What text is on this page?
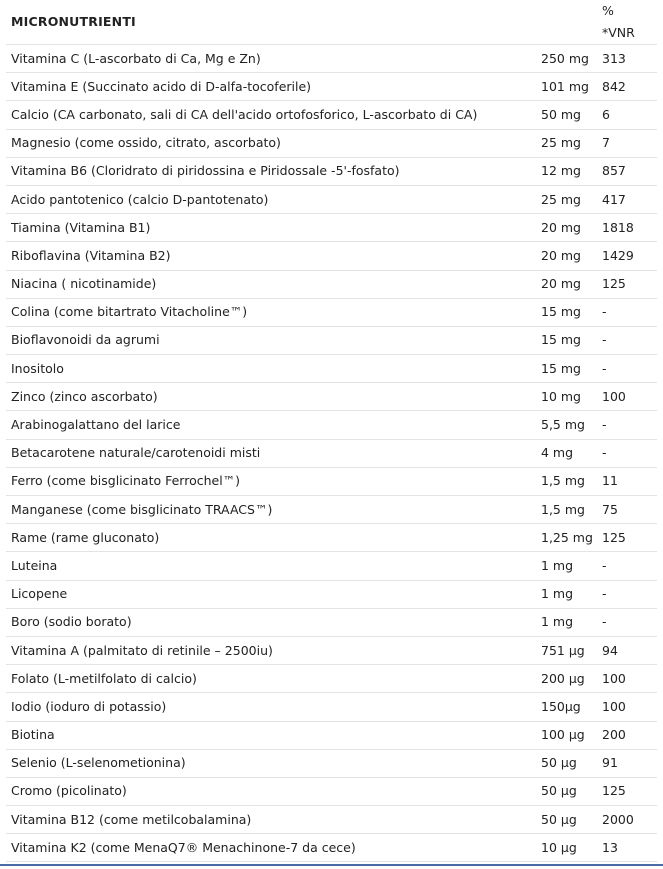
MICRONUTRIENTI		%
*VNR
Vitamina C (L-ascorbato di Ca, Mg e Zn)	250 mg	313
Vitamina E (Succinato acido di D-alfa-tocoferile)	101 mg	842
Calcio (CA carbonato, sali di CA dell'acido ortofosforico, L-ascorbato di CA)	50 mg	6
Magnesio (come ossido, citrato, ascorbato)	25 mg	7
Vitamina B6 (Cloridrato di piridossina e Piridossale -5'-fosfato)	12 mg	857
Acido pantotenico (calcio D-pantotenato)	25 mg	417
Tiamina (Vitamina B1)	20 mg	1818
Riboflavina (Vitamina B2)	20 mg	1429
Niacina ( nicotinamide)	20 mg	125
Colina (come bitartrato Vitacholine™)	15 mg	-
Bioflavonoidi da agrumi	15 mg	-
Inositolo	15 mg	-
Zinco (zinco ascorbato)	10 mg	100
Arabinogalattano del larice	5,5 mg	-
Betacarotene naturale/carotenoidi misti	4 mg	-
Ferro (come bisglicinato Ferrochel™)	1,5 mg	11
Manganese (come bisglicinato TRAACS™)	1,5 mg	75
Rame (rame gluconato)	1,25 mg	125
Luteina	1 mg	-
Licopene	1 mg	-
Boro (sodio borato)	1 mg	-
Vitamina A (palmitato di retinile – 2500iu)	751 µg	94
Folato (L-metilfolato di calcio)	200 µg	100
Iodio (ioduro di potassio)	150µg	100
Biotina	100 µg	200
Selenio (L-selenometionina)	50 µg	91
Cromo (picolinato)	50 µg	125
Vitamina B12 (come metilcobalamina)	50 µg	2000
Vitamina K2 (come MenaQ7® Menachinone-7 da cece)	10 µg	13
